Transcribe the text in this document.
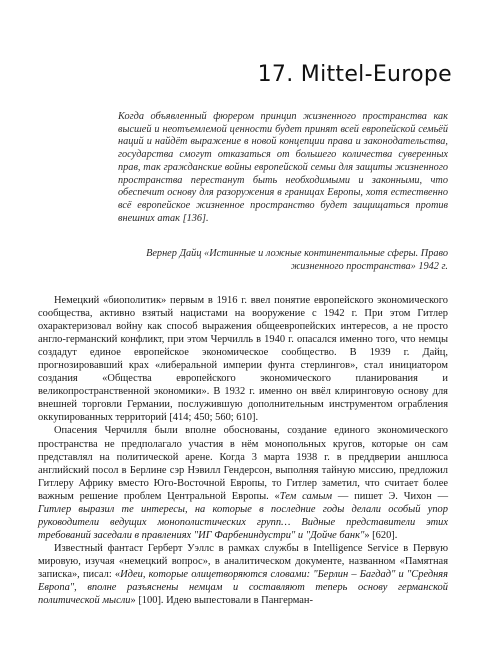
17. Mittel-Europe

Когда объявленный фюрером принцип жизненного пространства как высшей и неотъемлемой ценности будет принят всей европейской семьёй наций и найдёт выражение в новой концепции права и законодательства, государства смогут отказаться от большего количества суверенных прав, так гражданские войны европейской семьи для защиты жизненного пространства перестанут быть необходимыми и законными, что обеспечит основу для разоружения в границах Европы, хотя естественно всё европейское жизненное пространство будет защищаться против внешних атак [136].

Вернер Дайц «Истинные и ложные континентальные сферы. Право жизненного пространства» 1942 г.

Немецкий «биополитик» первым в 1916 г. ввел понятие европейского экономического сообщества, активно взятый нацистами на вооружение с 1942 г. При этом Гитлер охарактеризовал войну как способ выражения общеевропейских интересов, а не просто англо-германский конфликт, при этом Черчилль в 1940 г. опасался именно того, что немцы создадут единое европейское экономическое сообщество. В 1939 г. Дайц, прогнозировавший крах «либеральной империи фунта стерлингов», стал инициатором создания «Общества европейского экономического планирования и великопространственной экономики». В 1932 г. именно он ввёл клиринговую основу для внешней торговли Германии, послужившую дополнительным инструментом ограбления оккупированных территорий [414; 450; 560; 610].

Опасения Черчилля были вполне обоснованы, создание единого экономического пространства не предполагало участия в нём монопольных кругов, которые он сам представлял на политической арене. Когда 3 марта 1938 г. в преддверии аншлюса английский посол в Берлине сэр Нэвилл Гендерсон, выполняя тайную миссию, предложил Гитлеру Африку вместо Юго-Восточной Европы, то Гитлер заметил, что считает более важным решение проблем Центральной Европы. «Тем самым — пишет Э. Чихон — Гитлер выразил те интересы, на которые в последние годы делали особый упор руководители ведущих монополистических групп… Видные представители этих требований заседали в правлениях "ИГ Фарбениндустри" и "Дойче банк"» [620].

Известный фантаст Герберт Уэллс в рамках службы в Intelligence Service в Первую мировую, изучая «немецкий вопрос», в аналитическом документе, названном «Памятная записка», писал: «Идеи, которые олицетворяются словами: "Берлин – Багдад" и "Средняя Европа", вполне разъяснены немцам и составляют теперь основу германской политической мысли» [100]. Идею выпестовали в Пангерман-
